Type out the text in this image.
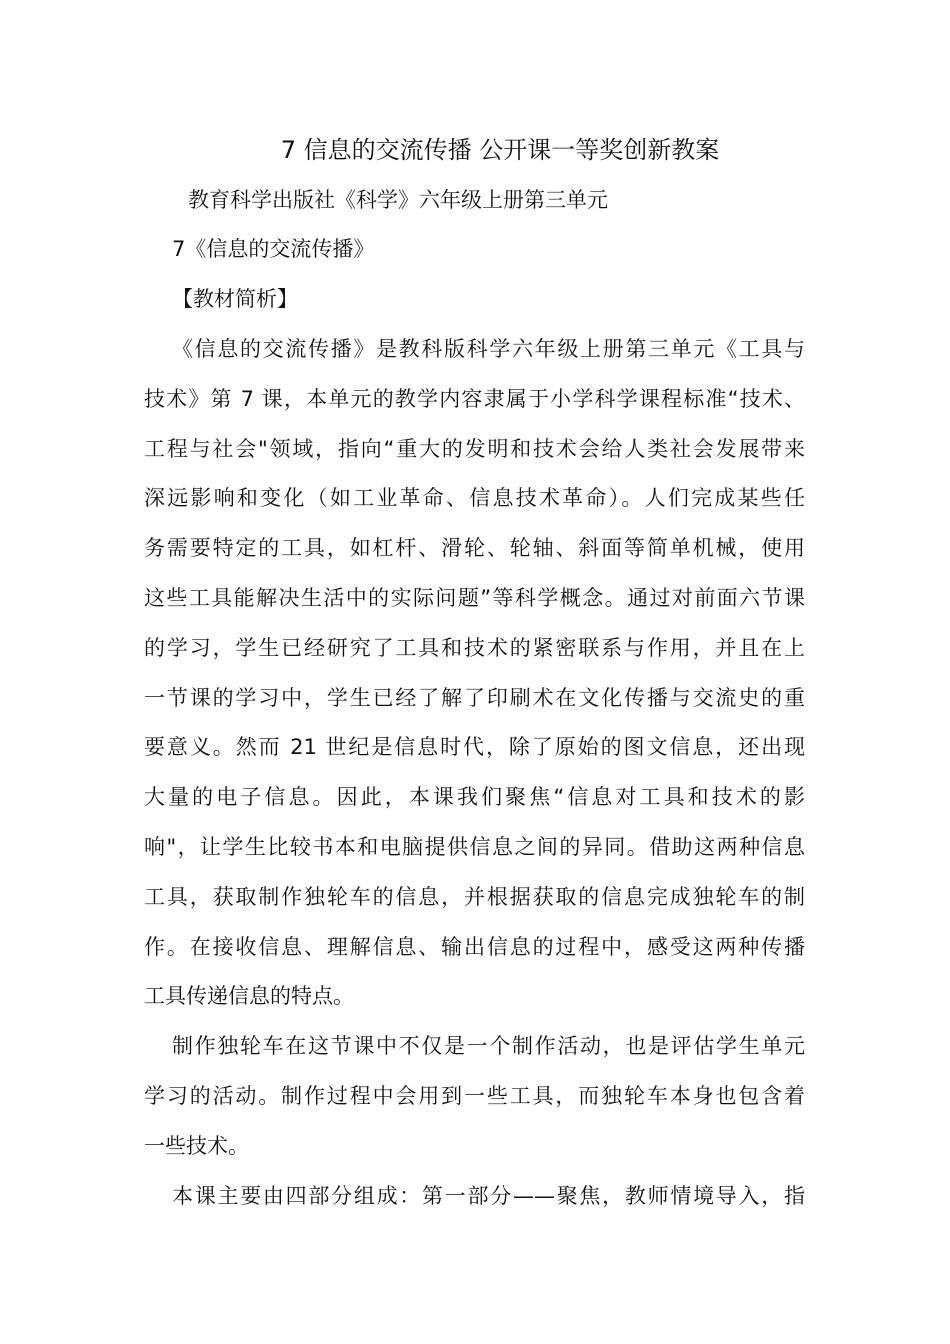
7 信息的交流传播 公开课一等奖创新教案
教育科学出版社《科学》六年级上册第三单元
7《信息的交流传播》
【教材简析】
《信息的交流传播》是教科版科学六年级上册第三单元《工具与
技术》第 7 课，本单元的教学内容隶属于小学科学课程标准“技术、
工程与社会"领域，指向“重大的发明和技术会给人类社会发展带来
深远影响和变化（如工业革命、信息技术革命）。人们完成某些任
务需要特定的工具，如杠杆、滑轮、轮轴、斜面等简单机械，使用
这些工具能解决生活中的实际问题”等科学概念。通过对前面六节课
的学习，学生已经研究了工具和技术的紧密联系与作用，并且在上
一节课的学习中，学生已经了解了印刷术在文化传播与交流史的重
要意义。然而 21 世纪是信息时代，除了原始的图文信息，还出现
大量的电子信息。因此，本课我们聚焦“信息对工具和技术的影
响"，让学生比较书本和电脑提供信息之间的异同。借助这两种信息
工具，获取制作独轮车的信息，并根据获取的信息完成独轮车的制
作。在接收信息、理解信息、输出信息的过程中，感受这两种传播
工具传递信息的特点。
制作独轮车在这节课中不仅是一个制作活动，也是评估学生单元
学习的活动。制作过程中会用到一些工具，而独轮车本身也包含着
一些技术。
本课主要由四部分组成：第一部分——聚焦，教师情境导入，指
